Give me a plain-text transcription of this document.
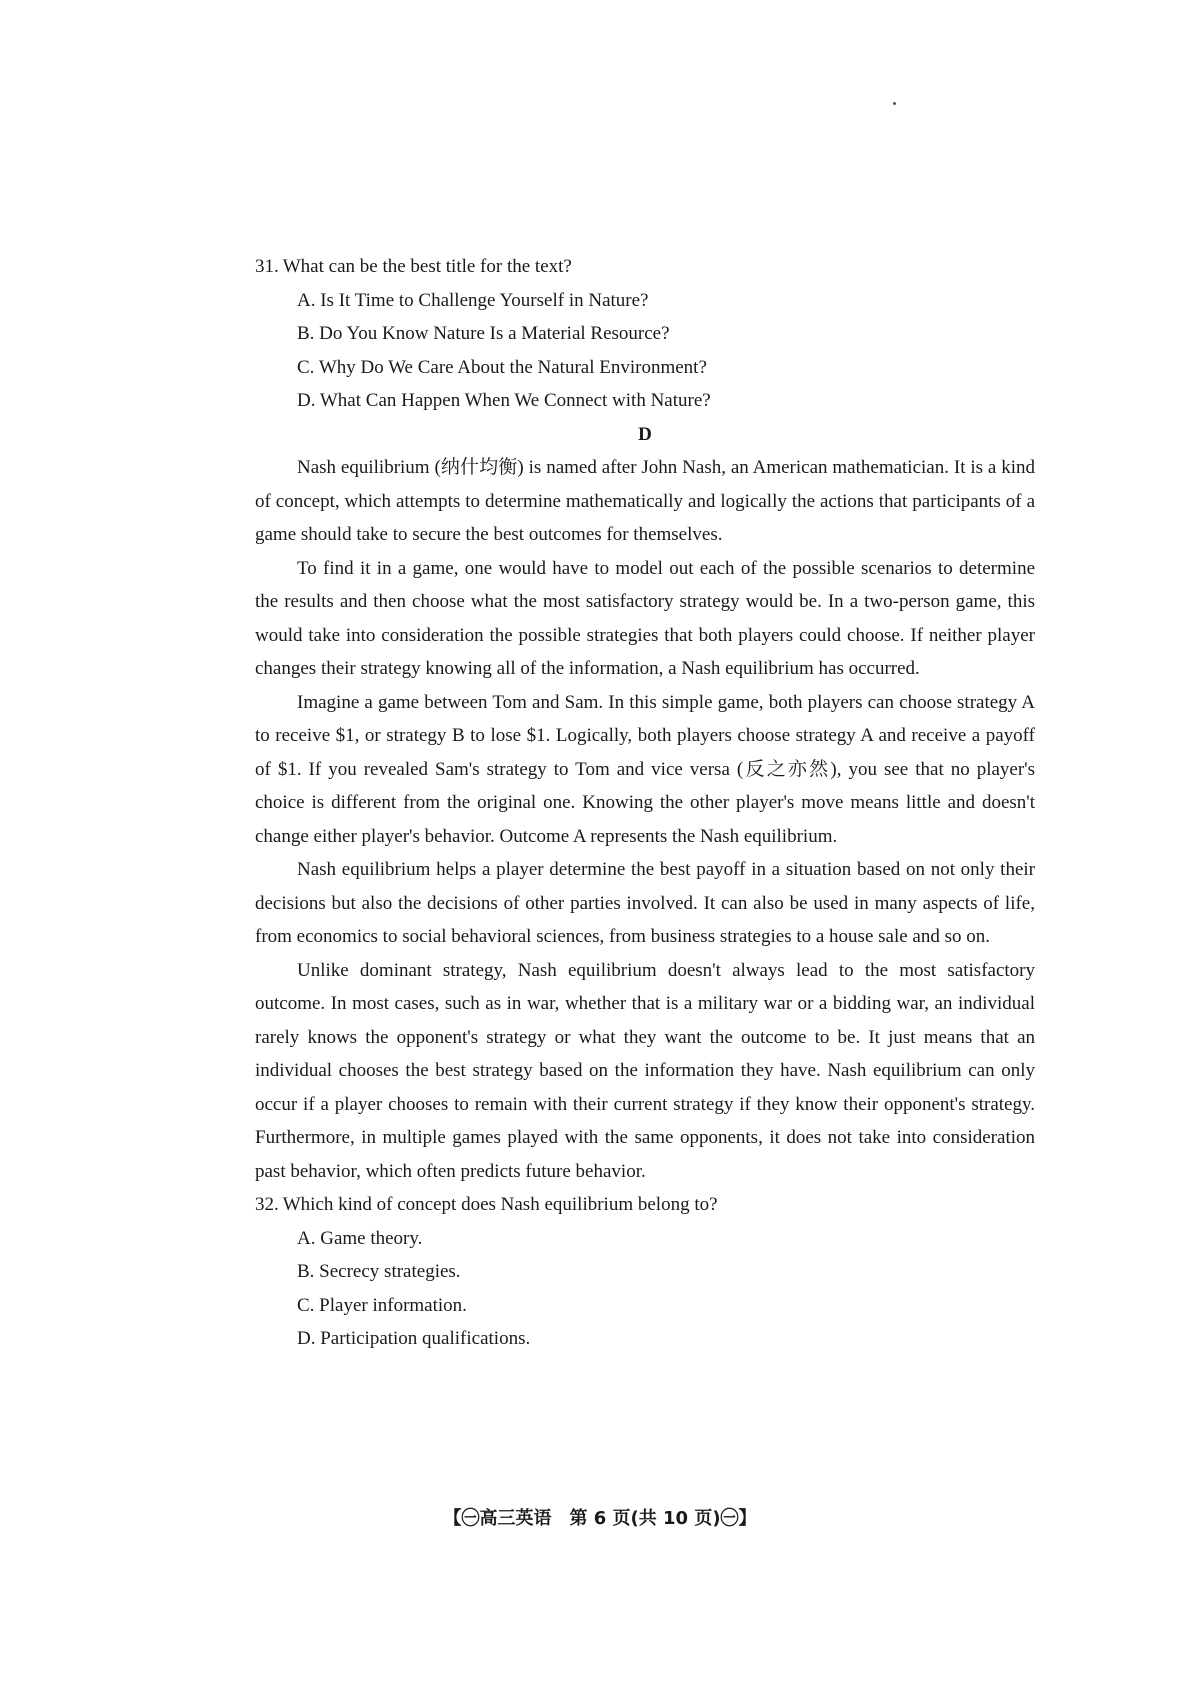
31. What can be the best title for the text?

A. Is It Time to Challenge Yourself in Nature?

B. Do You Know Nature Is a Material Resource?

C. Why Do We Care About the Natural Environment?

D. What Can Happen When We Connect with Nature?

D

Nash equilibrium (纳什均衡) is named after John Nash, an American mathematician. It is a kind of concept, which attempts to determine mathematically and logically the actions that participants of a game should take to secure the best outcomes for themselves.

To find it in a game, one would have to model out each of the possible scenarios to determine the results and then choose what the most satisfactory strategy would be. In a two-person game, this would take into consideration the possible strategies that both players could choose. If neither player changes their strategy knowing all of the information, a Nash equilibrium has occurred.

Imagine a game between Tom and Sam. In this simple game, both players can choose strategy A to receive $1, or strategy B to lose $1. Logically, both players choose strategy A and receive a payoff of $1. If you revealed Sam's strategy to Tom and vice versa (反之亦然), you see that no player's choice is different from the original one. Knowing the other player's move means little and doesn't change either player's behavior. Outcome A represents the Nash equilibrium.

Nash equilibrium helps a player determine the best payoff in a situation based on not only their decisions but also the decisions of other parties involved. It can also be used in many aspects of life, from economics to social behavioral sciences, from business strategies to a house sale and so on.

Unlike dominant strategy, Nash equilibrium doesn't always lead to the most satisfactory outcome. In most cases, such as in war, whether that is a military war or a bidding war, an individual rarely knows the opponent's strategy or what they want the outcome to be. It just means that an individual chooses the best strategy based on the information they have. Nash equilibrium can only occur if a player chooses to remain with their current strategy if they know their opponent's strategy. Furthermore, in multiple games played with the same opponents, it does not take into consideration past behavior, which often predicts future behavior.

32. Which kind of concept does Nash equilibrium belong to?

A. Game theory.

B. Secrecy strategies.

C. Player information.

D. Participation qualifications.

【㊀高三英语　第 6 页(共 10 页)㊀】
